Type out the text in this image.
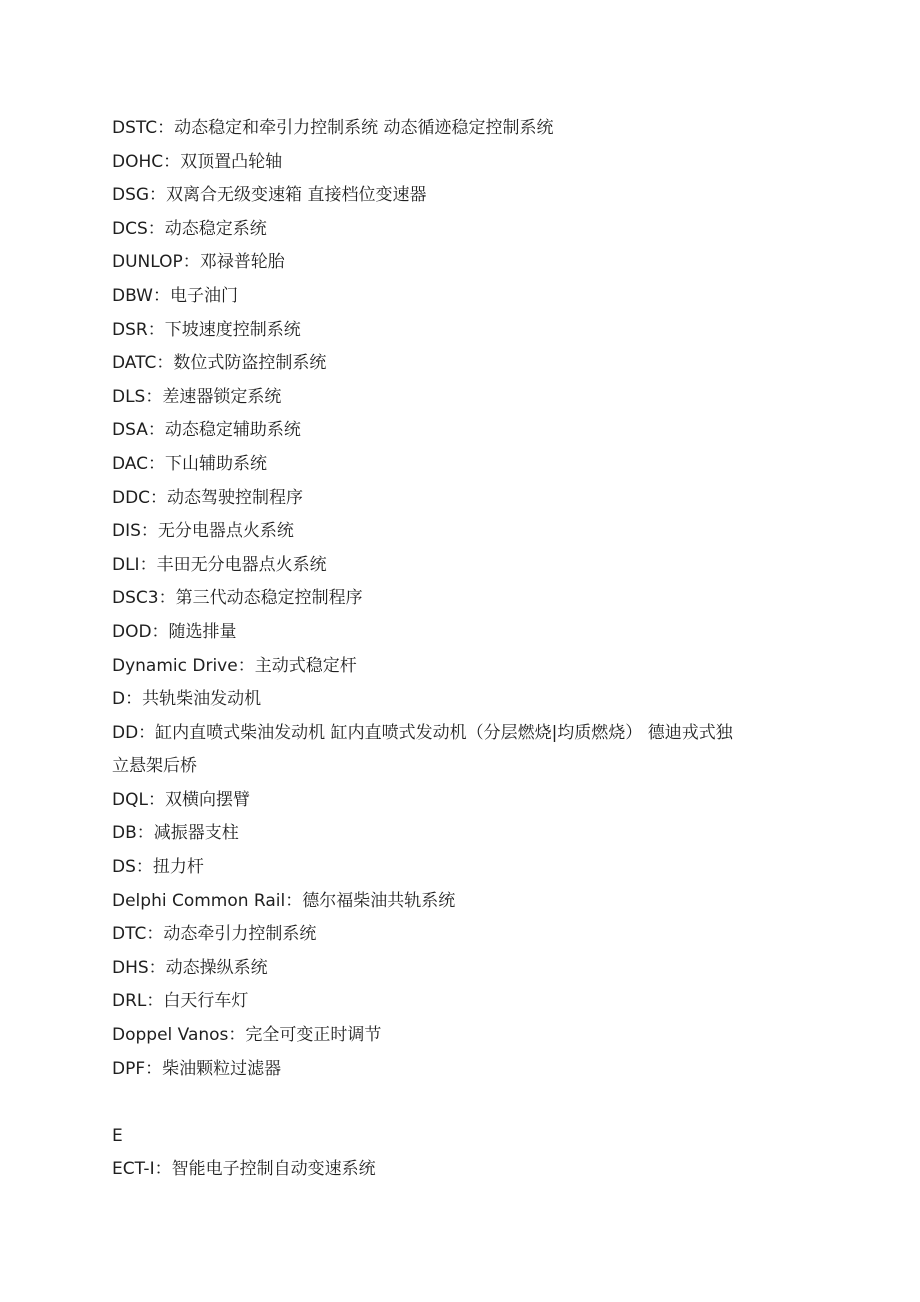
DSTC：动态稳定和牵引力控制系统 动态循迹稳定控制系统
DOHC：双顶置凸轮轴
DSG：双离合无级变速箱 直接档位变速器
DCS：动态稳定系统
DUNLOP：邓禄普轮胎
DBW：电子油门
DSR：下坡速度控制系统
DATC：数位式防盗控制系统
DLS：差速器锁定系统
DSA：动态稳定辅助系统
DAC：下山辅助系统
DDC：动态驾驶控制程序
DIS：无分电器点火系统
DLI：丰田无分电器点火系统
DSC3：第三代动态稳定控制程序
DOD：随选排量
Dynamic Drive：主动式稳定杆
D：共轨柴油发动机
DD：缸内直喷式柴油发动机 缸内直喷式发动机（分层燃烧|均质燃烧） 德迪戎式独
立悬架后桥
DQL：双横向摆臂
DB：减振器支柱
DS：扭力杆
Delphi Common Rail：德尔福柴油共轨系统
DTC：动态牵引力控制系统
DHS：动态操纵系统
DRL：白天行车灯
Doppel Vanos：完全可变正时调节
DPF：柴油颗粒过滤器
E
ECT-I：智能电子控制自动变速系统
